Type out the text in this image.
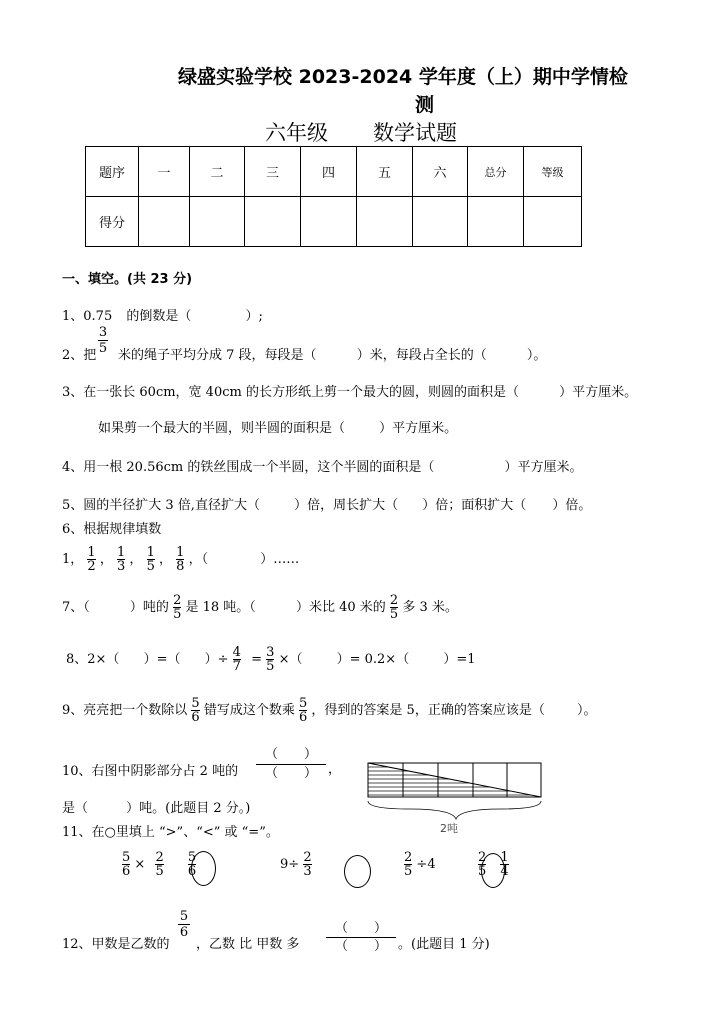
绿盛实验学校 2023-2024 学年度（上）期中学情检
测
六年级 数学试题
题序	一	二	三	四	五	六	总分	等级
得分								
一、填空。(共 23 分)
1、0.75 的倒数是（	）;
2、把 $\frac{3}{5}$ 米的绳子平均分成 7 段，每段是（	）米，每段占全长的（	）。
3、在一张长 60cm，宽 40cm 的长方形纸上剪一个最大的圆，则圆的面积是（	）平方厘米。
如果剪一个最大的半圆，则半圆的面积是（	）平方厘米。
4、用一根 20.56cm 的铁丝围成一个半圆，这个半圆的面积是（	）平方厘米。
5、圆的半径扩大 3 倍,直径扩大（	）倍，周长扩大（ ）倍；面积扩大（ ）倍。
6、根据规律填数
1， $\frac{1}{2}$ ， $\frac{1}{3}$ ， $\frac{1}{5}$ ， $\frac{1}{8}$ ，（	）……
7、（	）吨的 $\frac{2}{5}$ 是 18 吨。（	）米比 40 米的 $\frac{2}{5}$ 多 3 米。
8、2×（ ）=（ ）÷ $\frac{4}{7} = \frac{3}{5}$ ×（	）= 0.2×（	）=1
9、亮亮把一个数除以 $\frac{5}{6}$ 错写成这个数乘 $\frac{5}{6}$ ，得到的答案是 5，正确的答案应该是（ ）。
10、右图中阴影部分占 2 吨的
（　　）
（　　） ，
是（	）吨。(此题目 2 分。)
2吨
11、在○里填上 “>”、“<” 或 “=”。
$\frac{5}{6} \times \frac{2}{5}$
$\frac{5}{6}$	$9\div \frac{2}{3}$	$\frac{2}{5} \div 4$	$\frac{2}{5}$
$\frac{1}{4}$
12、甲数是乙数的
$\frac{5}{6}$
，乙数 比 甲数 多
（　　）
（　　） 。(此题目 1 分)
